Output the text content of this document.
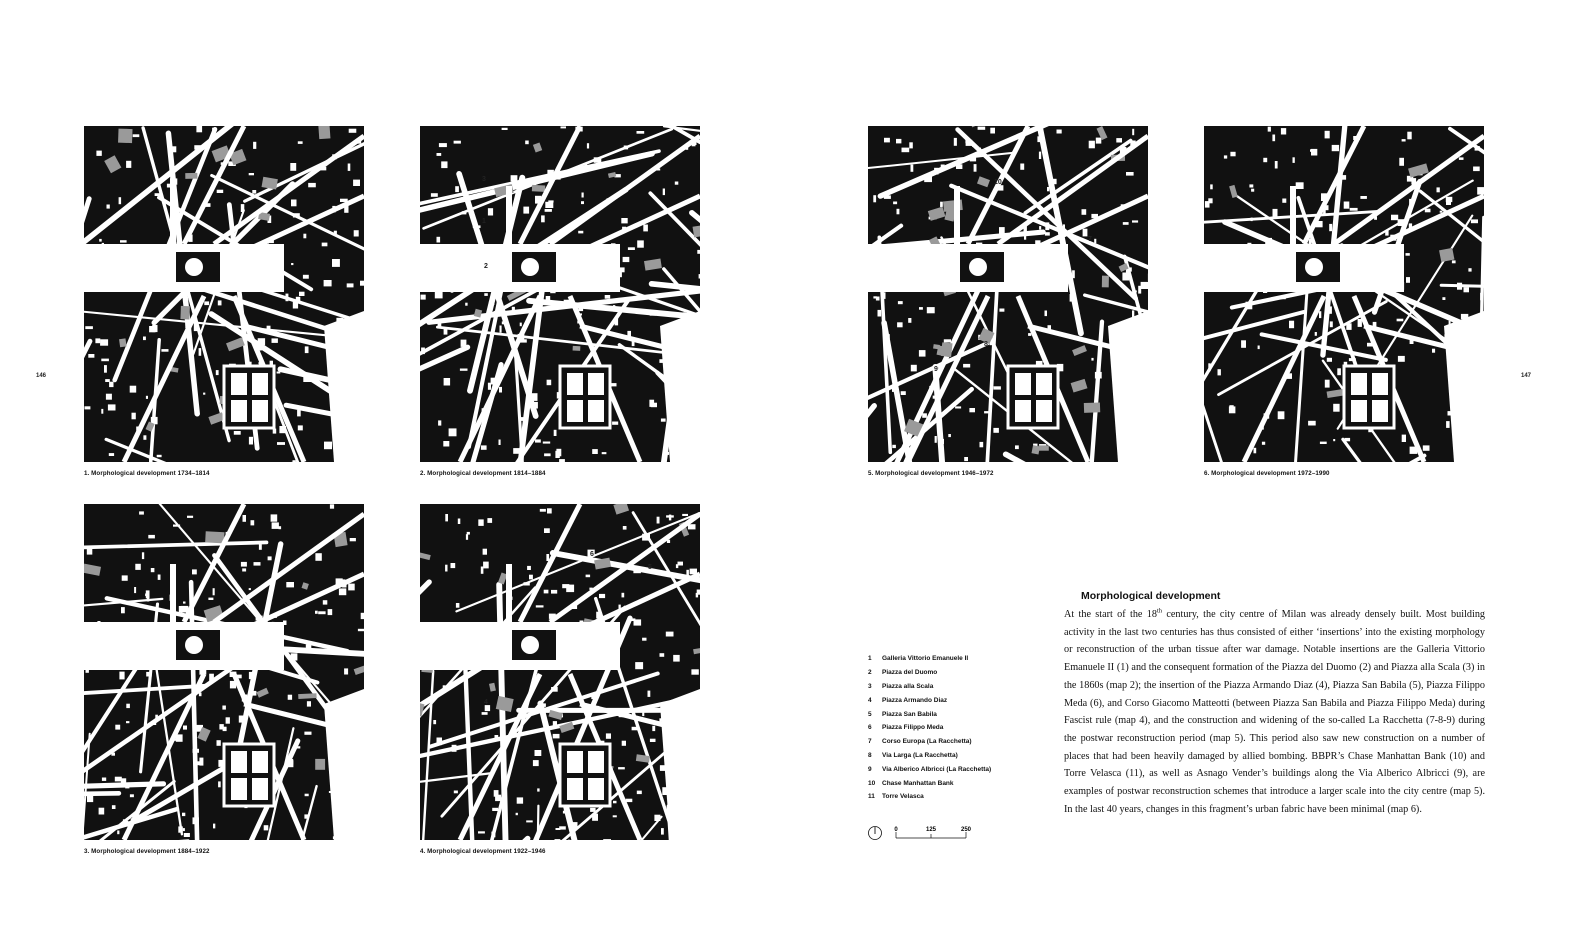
146
1. Morphological development 1734–1814
3
1
2
2. Morphological development 1814–1884
3. Morphological development 1884–1922
6
5
4
4. Morphological development 1922–1946
147
10
7
9
8
5. Morphological development 1946–1972	6. Morphological development 1972–1990
1	Galleria Vittorio Emanuele II
2	Piazza del Duomo
3	Piazza alla Scala
4	Piazza Armando Diaz
5	Piazza San Babila
6	Piazza Filippo Meda
7	Corso Europa (La Racchetta)
8	Via Larga (La Racchetta)
9	Via Alberico Albricci (La Racchetta)
10	Chase Manhattan Bank
11	Torre Velasca
0	125	250
Morphological development
At the start of the 18th century, the city centre of Milan was already densely built. Most building activity in the last two centuries has thus consisted of either ‘insertions’ into the existing morphology or reconstruction of the urban tissue after war damage. Notable insertions are the Galleria Vittorio Emanuele II (1) and the consequent formation of the Piazza del Duomo (2) and Piazza alla Scala (3) in the 1860s (map 2); the insertion of the Piazza Armando Diaz (4), Piazza San Babila (5), Piazza Filippo Meda (6), and Corso Giacomo Matteotti (between Piazza San Babila and Piazza Filippo Meda) during Fascist rule (map 4), and the construction and widening of the so-called La Racchetta (7-8-9) during the postwar reconstruction period (map 5). This period also saw new construction on a number of places that had been heavily damaged by allied bombing. BBPR’s Chase Manhattan Bank (10) and Torre Velasca (11), as well as Asnago Vender’s buildings along the Via Alberico Albricci (9), are examples of postwar reconstruction schemes that introduce a larger scale into the city centre (map 5). In the last 40 years, changes in this fragment’s urban fabric have been minimal (map 6).
